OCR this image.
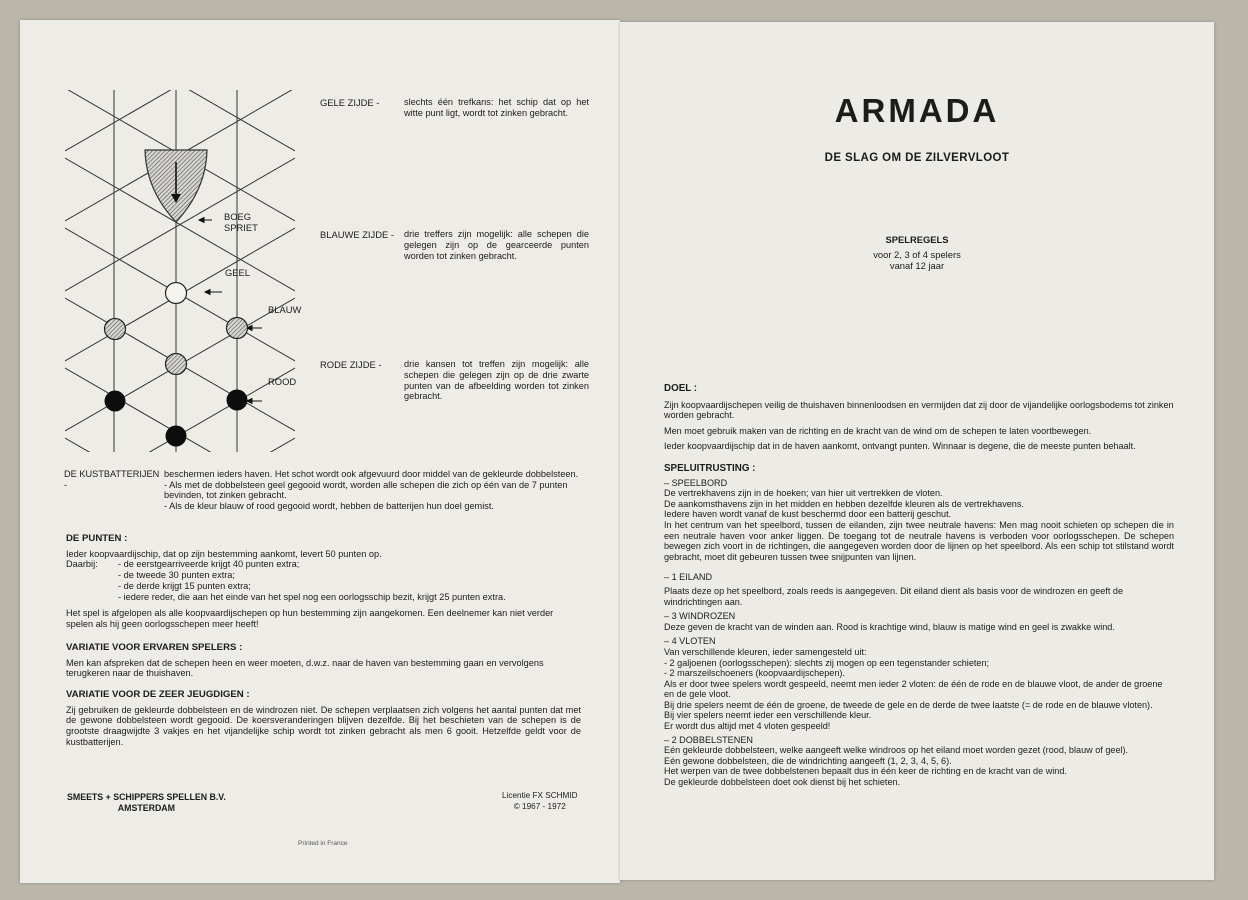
BOEG
SPRIET
GEEL
BLAUW
ROOD
GELE ZIJDE -	slechts één trefkans: het schip dat op het witte punt ligt, wordt tot zinken gebracht.
BLAUWE ZIJDE - drie treffers zijn mogelijk: alle schepen die gelegen zijn op de gearceerde punten worden tot zinken gebracht.
RODE ZIJDE - drie kansen tot treffen zijn mogelijk: alle schepen die gelegen zijn op de drie zwarte punten van de afbeelding worden tot zinken gebracht.
DE KUSTBATTERIJEN -
beschermen ieders haven. Het schot wordt ook afgevuurd door middel van de gekleurde dobbelsteen.
- Als met de dobbelsteen geel gegooid wordt, worden alle schepen die zich op één van de 7 punten bevinden, tot zinken gebracht.
- Als de kleur blauw of rood gegooid wordt, hebben de batterijen hun doel gemist.
DE PUNTEN :
Ieder koopvaardijschip, dat op zijn bestemming aankomt, levert 50 punten op.
Daarbij:	- de eerstgearriveerde krijgt 40 punten extra;
- de tweede 30 punten extra;
- de derde krijgt 15 punten extra;
- iedere reder, die aan het einde van het spel nog een oorlogsschip bezit, krijgt 25 punten extra.
Het spel is afgelopen als alle koopvaardijschepen op hun bestemming zijn aangekomen. Een deelnemer kan niet verder spelen als hij geen oorlogsschepen meer heeft!
VARIATIE VOOR ERVAREN SPELERS :
Men kan afspreken dat de schepen heen en weer moeten, d.w.z. naar de haven van bestemming gaan en vervolgens terugkeren naar de thuishaven.
VARIATIE VOOR DE ZEER JEUGDIGEN :
Zij gebruiken de gekleurde dobbelsteen en de windrozen niet. De schepen verplaatsen zich volgens het aantal punten dat met de gewone dobbelsteen wordt gegooid. De koersveranderingen blijven dezelfde. Bij het beschieten van de schepen is de grootste draagwijdte 3 vakjes en het vijandelijke schip wordt tot zinken gebracht als men 6 gooit. Hetzelfde geldt voor de kustbatterijen.
SMEETS + SCHIPPERS SPELLEN B.V.
AMSTERDAM
Licentie FX SCHMID
© 1967 - 1972
Printed in France
ARMADA
DE SLAG OM DE ZILVERVLOOT
SPELREGELS
voor 2, 3 of 4 spelers
vanaf 12 jaar
DOEL :

Zijn koopvaardijschepen veilig de thuishaven binnenloodsen en vermijden dat zij door de vijandelijke oorlogsbodems tot zinken worden gebracht.

Men moet gebruik maken van de richting en de kracht van de wind om de schepen te laten voortbewegen.

Ieder koopvaardijschip dat in de haven aankomt, ontvangt punten. Winnaar is degene, die de meeste punten behaalt.

SPELUITRUSTING :

– SPEELBORD

De vertrekhavens zijn in de hoeken; van hier uit vertrekken de vloten.

De aankomsthavens zijn in het midden en hebben dezelfde kleuren als de vertrekhavens.

Iedere haven wordt vanaf de kust beschermd door een batterij geschut.

In het centrum van het speelbord, tussen de eilanden, zijn twee neutrale havens: Men mag nooit schieten op schepen die in een neutrale haven voor anker liggen. De toegang tot de neutrale havens is verboden voor oorlogsschepen. De schepen bewegen zich voort in de richtingen, die aangegeven worden door de lijnen op het speelbord. Als een schip tot stilstand wordt gebracht, moet dit gebeuren tussen twee snijpunten van lijnen.

– 1 EILAND

Plaats deze op het speelbord, zoals reeds is aangegeven. Dit eiland dient als basis voor de windrozen en geeft de windrichtingen aan.

– 3 WINDROZEN

Deze geven de kracht van de winden aan. Rood is krachtige wind, blauw is matige wind en geel is zwakke wind.

– 4 VLOTEN

Van verschillende kleuren, ieder samengesteld uit:

- 2 galjoenen (oorlogsschepen): slechts zij mogen op een tegenstander schieten;

- 2 marszeilschoeners (koopvaardijschepen).

Als er door twee spelers wordt gespeeld, neemt men ieder 2 vloten: de één de rode en de blauwe vloot, de ander de groene en de gele vloot.

Bij drie spelers neemt de één de groene, de tweede de gele en de derde de twee laatste (= de rode en de blauwe vloten).

Bij vier spelers neemt ieder een verschillende kleur.

Er wordt dus altijd met 4 vloten gespeeld!

– 2 DOBBELSTENEN

Eén gekleurde dobbelsteen, welke aangeeft welke windroos op het eiland moet worden gezet (rood, blauw of geel).

Eén gewone dobbelsteen, die de windrichting aangeeft (1, 2, 3, 4, 5, 6).

Het werpen van de twee dobbelstenen bepaalt dus in één keer de richting en de kracht van de wind.

De gekleurde dobbelsteen doet ook dienst bij het schieten.
